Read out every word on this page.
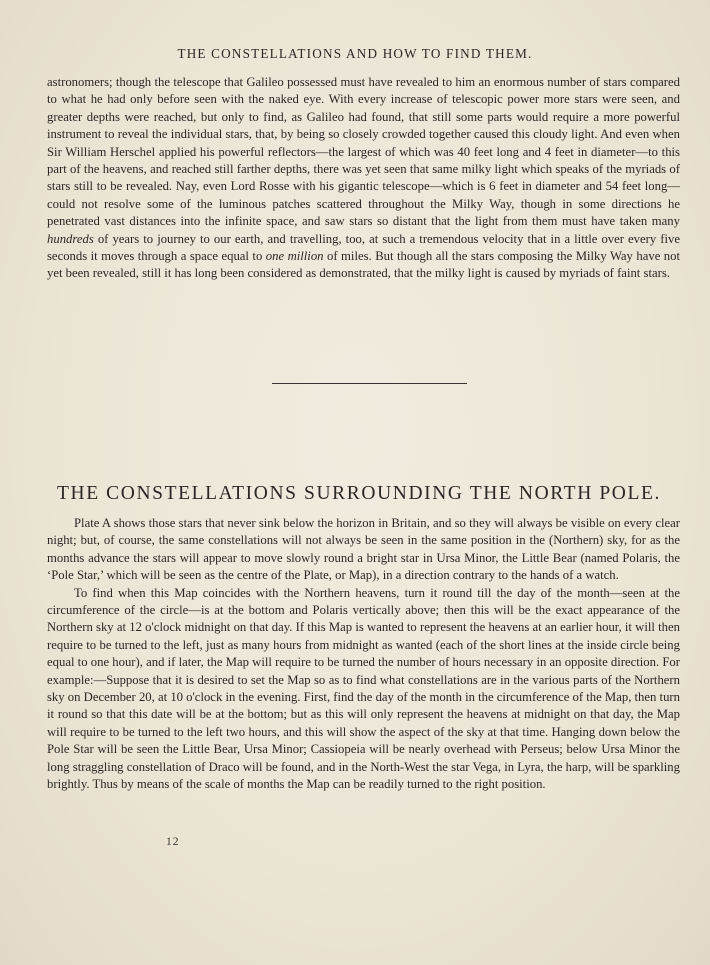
THE CONSTELLATIONS AND HOW TO FIND THEM.

astronomers; though the telescope that Galileo possessed must have revealed to him an enormous number of stars compared to what he had only before seen with the naked eye. With every increase of telescopic power more stars were seen, and greater depths were reached, but only to find, as Galileo had found, that still some parts would require a more powerful instrument to reveal the individual stars, that, by being so closely crowded together caused this cloudy light. And even when Sir William Herschel applied his powerful reflectors—the largest of which was 40 feet long and 4 feet in diameter—to this part of the heavens, and reached still farther depths, there was yet seen that same milky light which speaks of the myriads of stars still to be revealed. Nay, even Lord Rosse with his gigantic telescope—which is 6 feet in diameter and 54 feet long—could not resolve some of the luminous patches scattered throughout the Milky Way, though in some directions he penetrated vast distances into the infinite space, and saw stars so distant that the light from them must have taken many hundreds of years to journey to our earth, and travelling, too, at such a tremendous velocity that in a little over every five seconds it moves through a space equal to one million of miles. But though all the stars composing the Milky Way have not yet been revealed, still it has long been considered as demonstrated, that the milky light is caused by myriads of faint stars.

THE CONSTELLATIONS SURROUNDING THE NORTH POLE.

Plate A shows those stars that never sink below the horizon in Britain, and so they will always be visible on every clear night; but, of course, the same constellations will not always be seen in the same position in the (Northern) sky, for as the months advance the stars will appear to move slowly round a bright star in Ursa Minor, the Little Bear (named Polaris, the ‘Pole Star,’ which will be seen as the centre of the Plate, or Map), in a direction contrary to the hands of a watch.

To find when this Map coincides with the Northern heavens, turn it round till the day of the month—seen at the circumference of the circle—is at the bottom and Polaris vertically above; then this will be the exact appearance of the Northern sky at 12 o'clock midnight on that day. If this Map is wanted to represent the heavens at an earlier hour, it will then require to be turned to the left, just as many hours from midnight as wanted (each of the short lines at the inside circle being equal to one hour), and if later, the Map will require to be turned the number of hours necessary in an opposite direction. For example:—Suppose that it is desired to set the Map so as to find what constellations are in the various parts of the Northern sky on December 20, at 10 o'clock in the evening. First, find the day of the month in the circumference of the Map, then turn it round so that this date will be at the bottom; but as this will only represent the heavens at midnight on that day, the Map will require to be turned to the left two hours, and this will show the aspect of the sky at that time. Hanging down below the Pole Star will be seen the Little Bear, Ursa Minor; Cassiopeia will be nearly overhead with Perseus; below Ursa Minor the long straggling constellation of Draco will be found, and in the North-West the star Vega, in Lyra, the harp, will be sparkling brightly. Thus by means of the scale of months the Map can be readily turned to the right position.

12
